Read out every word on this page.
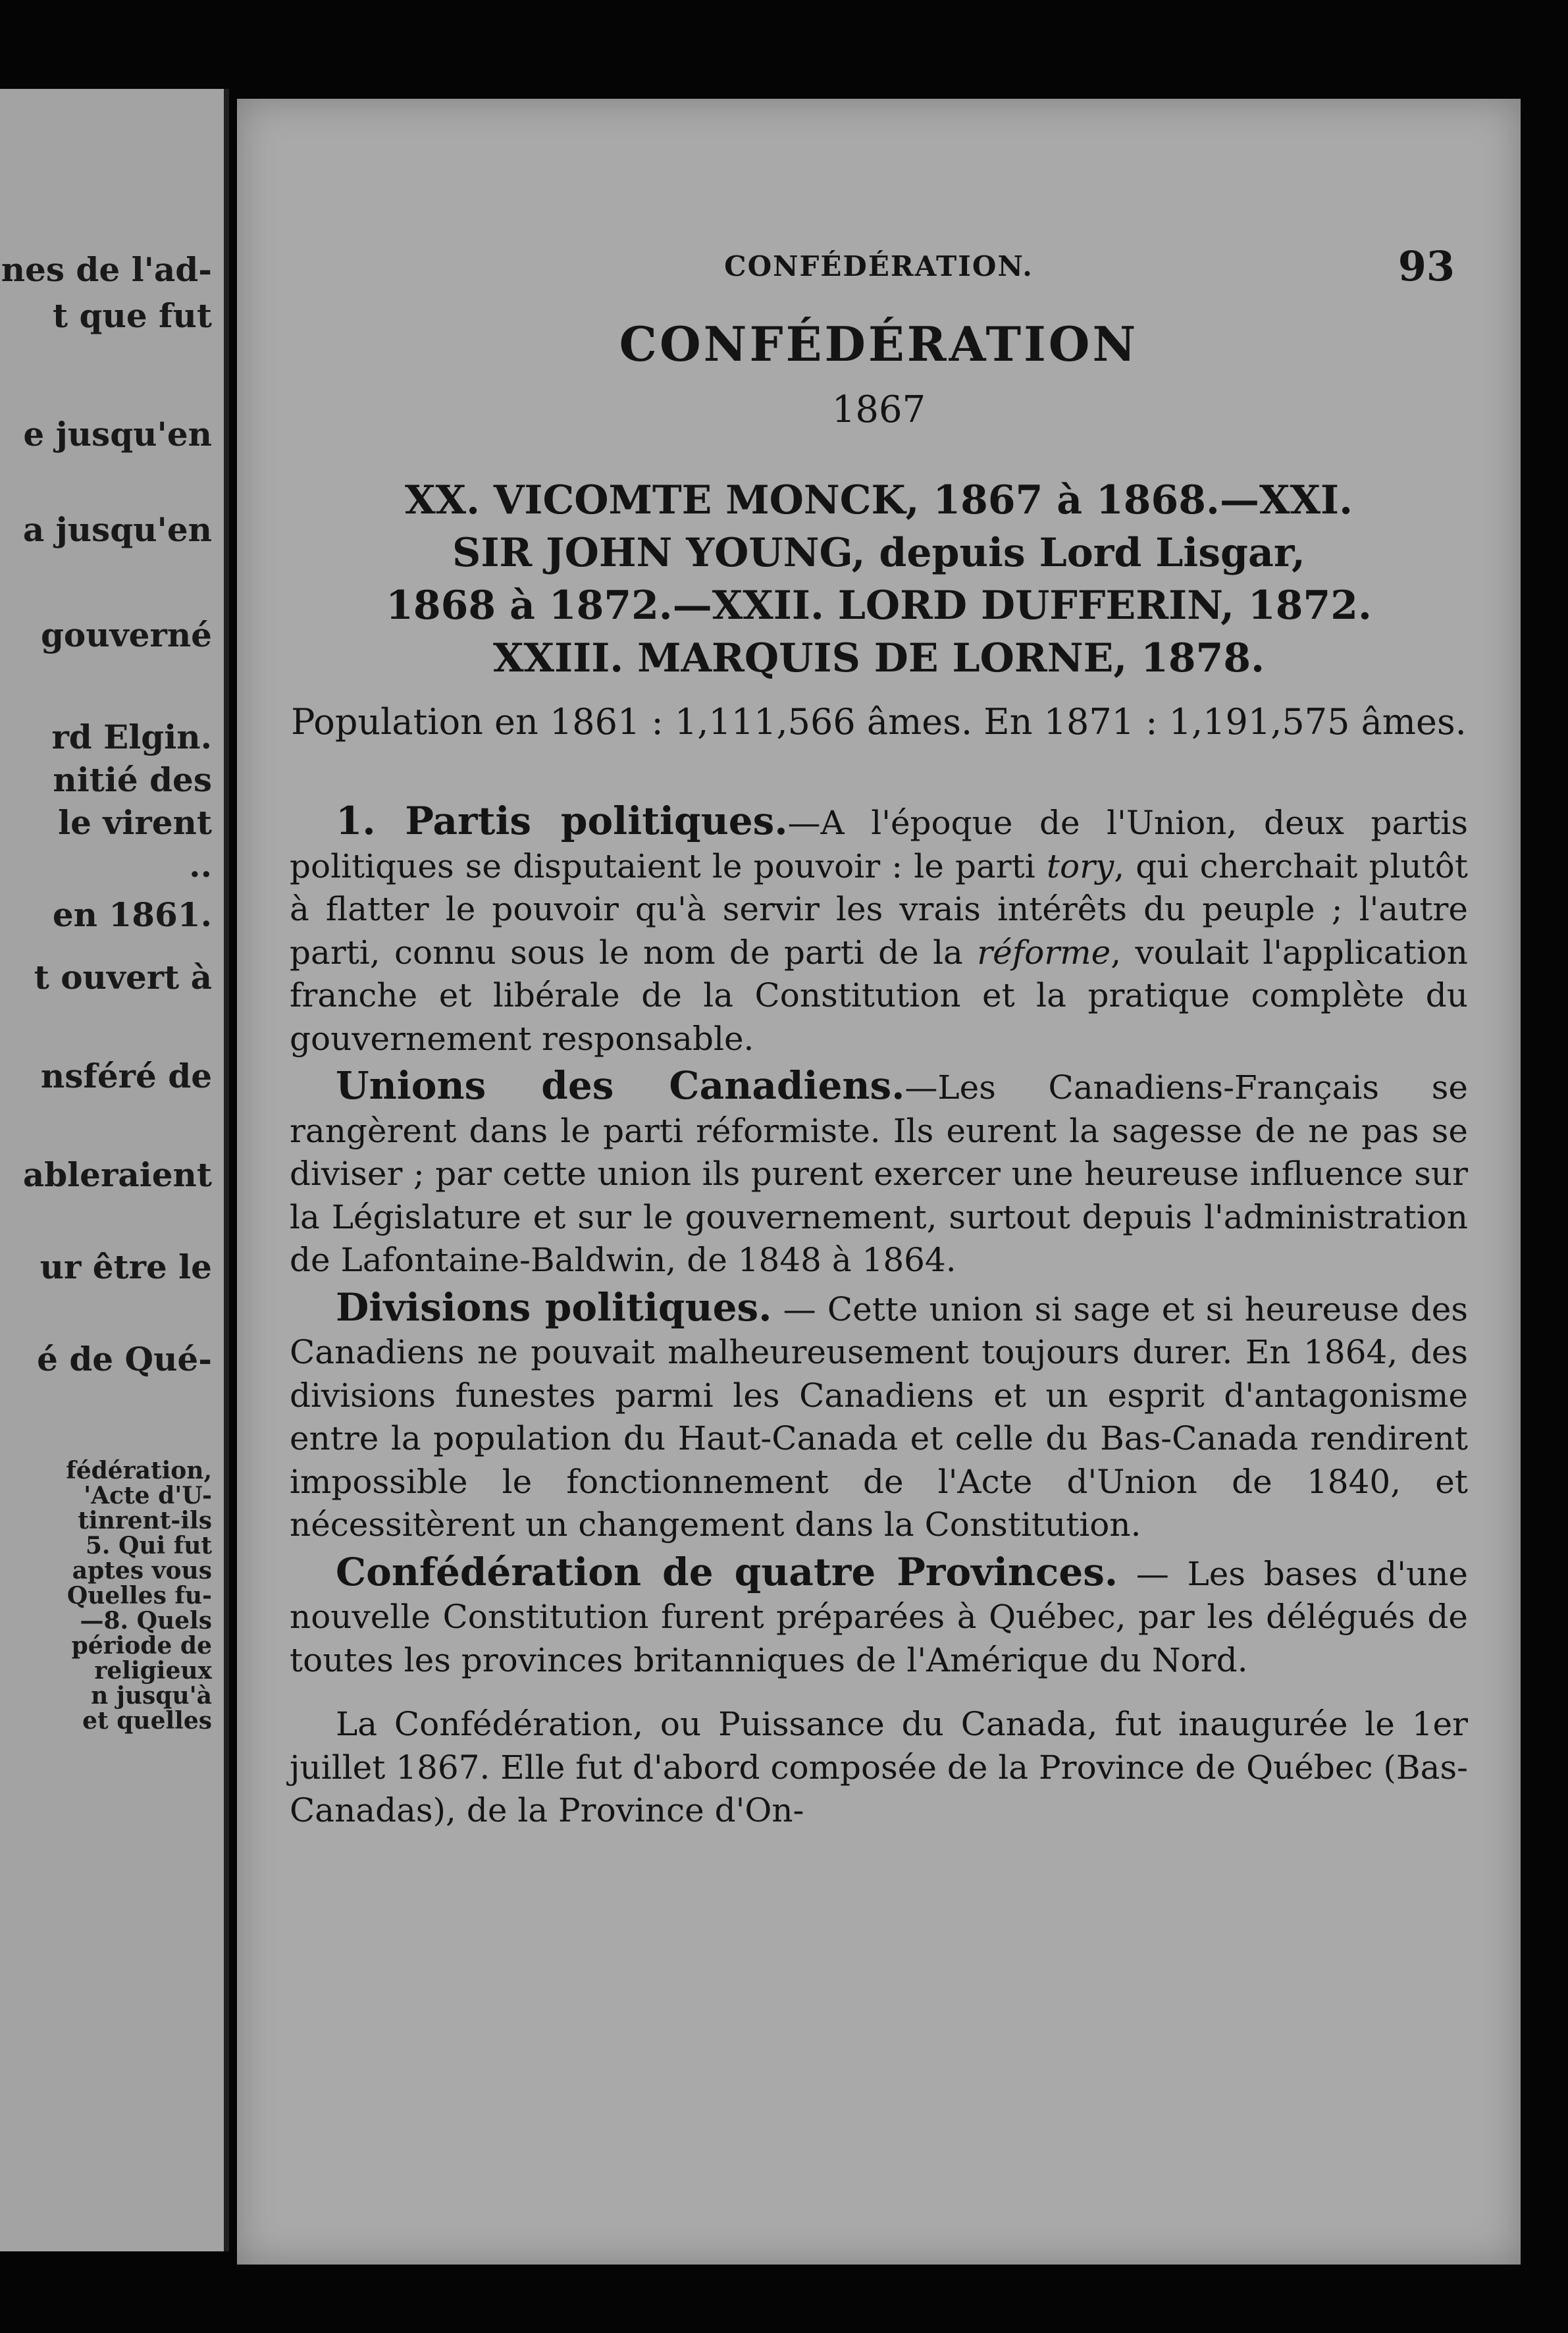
nes de l'ad-
t que fut
e jusqu'en
a jusqu'en
gouverné
rd Elgin.
nitié des
le virent
..
en 1861.
t ouvert à
nsféré de
ableraient
ur être le
é de Qué-
fédération,
'Acte d'U-
tinrent-ils
5. Qui fut
aptes vous
Quelles fu-
—8. Quels
période de
religieux
n jusqu'à
et quelles
CONFÉDÉRATION.	93
CONFÉDÉRATION
1867
XX. VICOMTE MONCK, 1867 à 1868.—XXI.
SIR JOHN YOUNG, depuis Lord Lisgar,
1868 à 1872.—XXII. LORD DUFFERIN, 1872.
XXIII. MARQUIS DE LORNE, 1878.
Population en 1861 : 1,111,566 âmes. En 1871 : 1,191,575 âmes.

1. Partis politiques.—A l'époque de l'Union, deux partis politiques se disputaient le pouvoir : le parti tory, qui cherchait plutôt à flatter le pouvoir qu'à servir les vrais intérêts du peuple ; l'autre parti, connu sous le nom de parti de la réforme, voulait l'application franche et libérale de la Constitution et la pratique complète du gouvernement responsable.

Unions des Canadiens.—Les Canadiens-Français se rangèrent dans le parti réformiste. Ils eurent la sagesse de ne pas se diviser ; par cette union ils purent exercer une heureuse influence sur la Législature et sur le gouvernement, surtout depuis l'administration de Lafontaine-Baldwin, de 1848 à 1864.

Divisions politiques. — Cette union si sage et si heureuse des Canadiens ne pouvait malheureusement toujours durer. En 1864, des divisions funestes parmi les Canadiens et un esprit d'antagonisme entre la population du Haut-Canada et celle du Bas-Canada rendirent impossible le fonctionnement de l'Acte d'Union de 1840, et nécessitèrent un changement dans la Constitution.

Confédération de quatre Provinces. — Les bases d'une nouvelle Constitution furent préparées à Québec, par les délégués de toutes les provinces britanniques de l'Amérique du Nord.

La Confédération, ou Puissance du Canada, fut inaugurée le 1er juillet 1867. Elle fut d'abord composée de la Province de Québec (Bas-Canadas), de la Province d'On-
